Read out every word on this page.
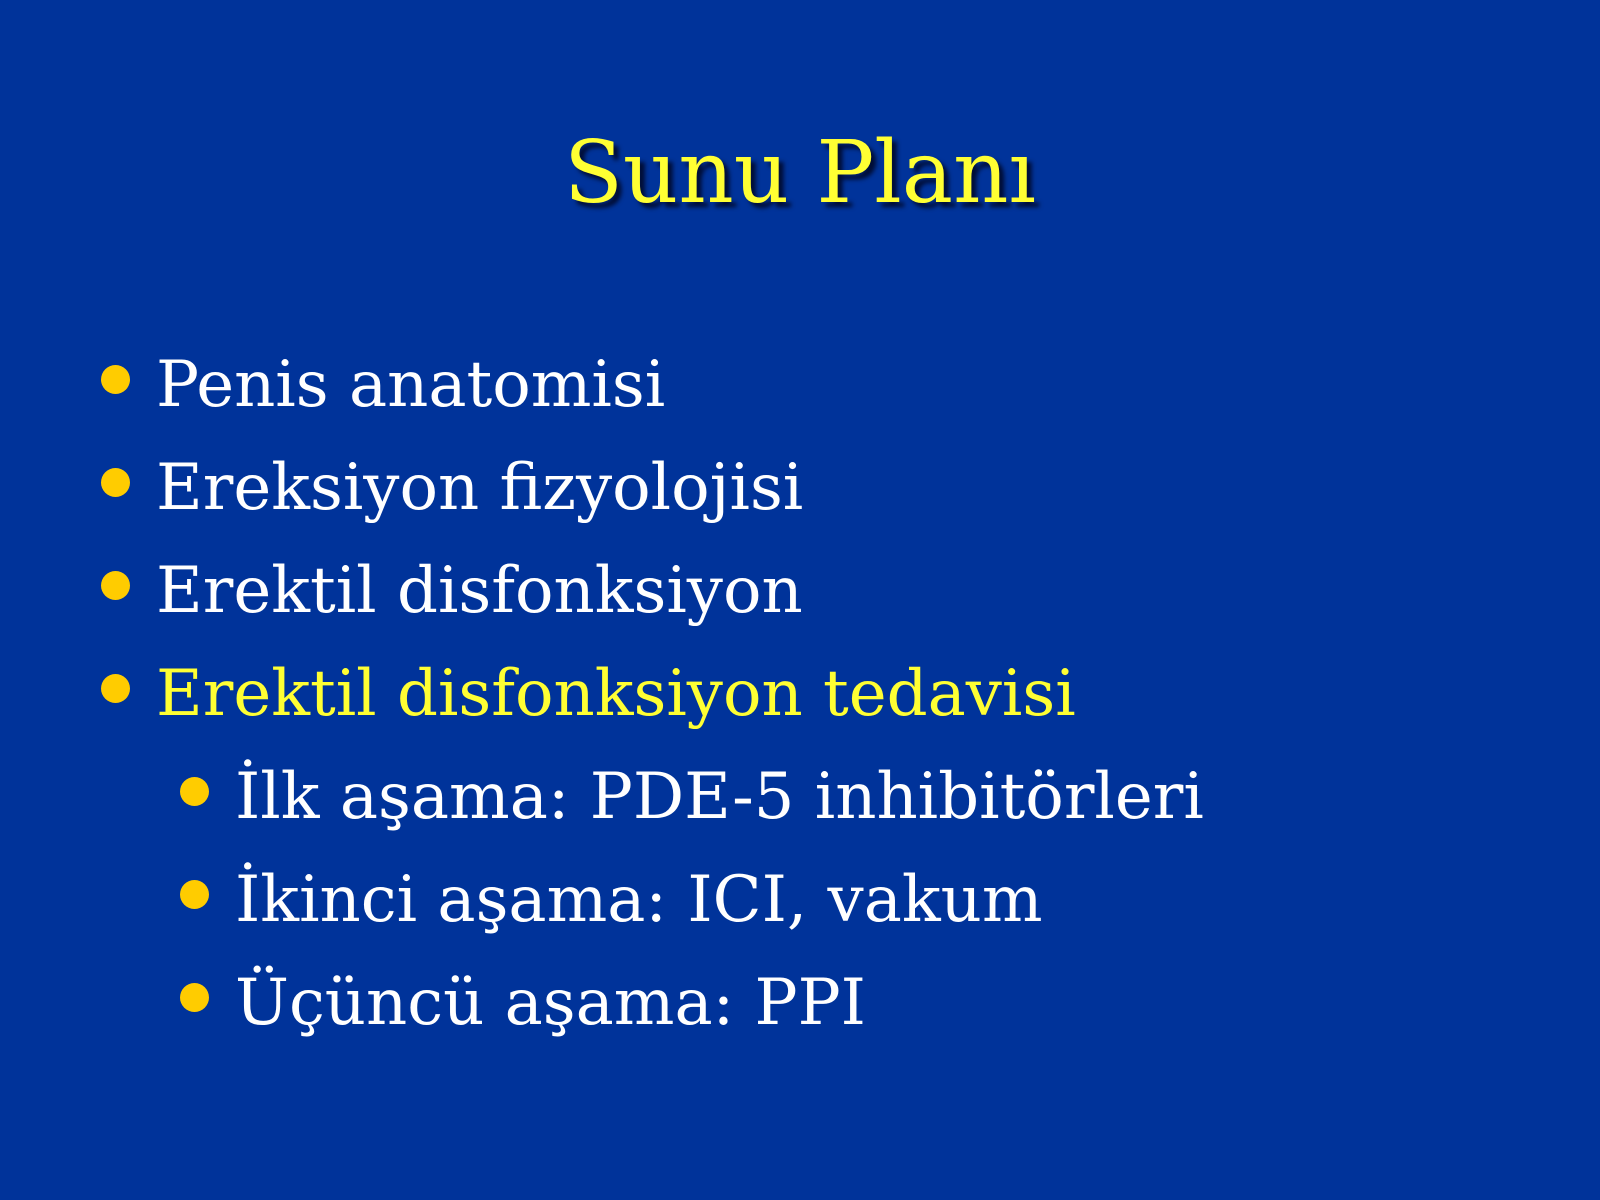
Sunu Planı
Penis anatomisi
Ereksiyon fizyolojisi
Erektil disfonksiyon
Erektil disfonksiyon tedavisi
İlk aşama: PDE-5 inhibitörleri
İkinci aşama: ICI, vakum
Üçüncü aşama: PPI
